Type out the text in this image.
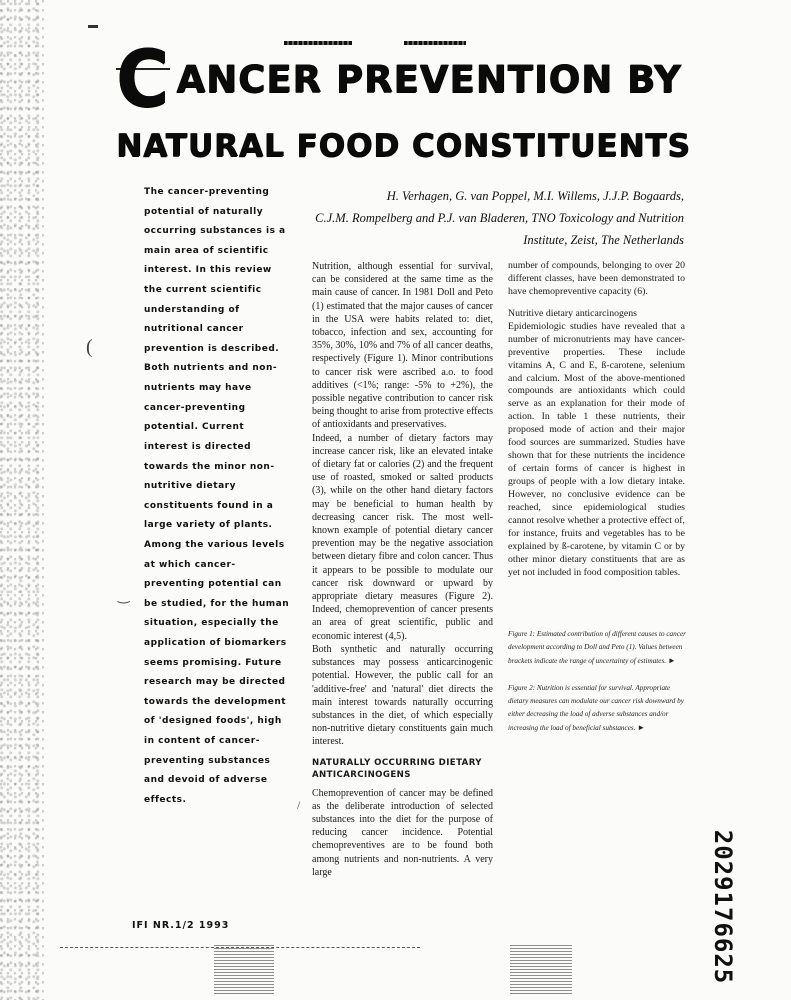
▬
CANCER PREVENTION BY
NATURAL FOOD CONSTITUENTS
The cancer-preventing potential of naturally occurring substances is a main area of scientific interest. In this review the current scientific understanding of nutritional cancer prevention is described. Both nutrients and non-nutrients may have cancer-preventing potential. Current interest is directed towards the minor non-nutritive dietary constituents found in a large variety of plants. Among the various levels at which cancer-preventing potential can be studied, for the human situation, especially the application of biomarkers seems promising. Future research may be directed towards the development of 'designed foods', high in content of cancer-preventing substances and devoid of adverse effects.
H. Verhagen, G. van Poppel, M.I. Willems, J.J.P. Bogaards,
C.J.M. Rompelberg and P.J. van Bladeren, TNO Toxicology and Nutrition
Institute, Zeist, The Netherlands

Nutrition, although essential for survival, can be considered at the same time as the main cause of cancer. In 1981 Doll and Peto (1) estimated that the major causes of cancer in the USA were habits related to: diet, tobacco, infection and sex, accounting for 35%, 30%, 10% and 7% of all cancer deaths, respectively (Figure 1). Minor contributions to cancer risk were ascribed a.o. to food additives (<1%; range: -5% to +2%), the possible negative contribution to cancer risk being thought to arise from protective effects of antioxidants and preservatives.

Indeed, a number of dietary factors may increase cancer risk, like an elevated intake of dietary fat or calories (2) and the frequent use of roasted, smoked or salted products (3), while on the other hand dietary factors may be beneficial to human health by decreasing cancer risk. The most well-known example of potential dietary cancer prevention may be the negative association between dietary fibre and colon cancer. Thus it appears to be possible to modulate our cancer risk downward or upward by appropriate dietary measures (Figure 2). Indeed, chemoprevention of cancer presents an area of great scientific, public and economic interest (4,5).

Both synthetic and naturally occurring substances may possess anticarcinogenic potential. However, the public call for an 'additive-free' and 'natural' diet directs the main interest towards naturally occurring substances in the diet, of which especially non-nutritive dietary constituents gain much interest.

NATURALLY OCCURRING DIETARY
ANTICARCINOGENS

Chemoprevention of cancer may be defined as the deliberate introduction of selected substances into the diet for the purpose of reducing cancer incidence. Potential chemopreventives are to be found both among nutrients and non-nutrients. A very large

number of compounds, belonging to over 20 different classes, have been demonstrated to have chemopreventive capacity (6).

Nutritive dietary anticarcinogens

Epidemiologic studies have revealed that a number of micronutrients may have cancer-preventive properties. These include vitamins A, C and E, ß-carotene, selenium and calcium. Most of the above-mentioned compounds are antioxidants which could serve as an explanation for their mode of action. In table 1 these nutrients, their proposed mode of action and their major food sources are summarized. Studies have shown that for these nutrients the incidence of certain forms of cancer is highest in groups of people with a low dietary intake. However, no conclusive evidence can be reached, since epidemiological studies cannot resolve whether a protective effect of, for instance, fruits and vegetables has to be explained by ß-carotene, by vitamin C or by other minor dietary constituents that are as yet not included in food composition tables.

Figure 1: Estimated contribution of different causes to cancer development according to Doll and Peto (1). Values between brackets indicate the range of uncertainty of estimates. ►
Figure 2: Nutrition is essential for survival. Appropriate dietary measures can modulate our cancer risk downward by either decreasing the load of adverse substances and/or increasing the load of beneficial substances. ►
(
‿
/
IFI NR.1/2 1993	2029176625
